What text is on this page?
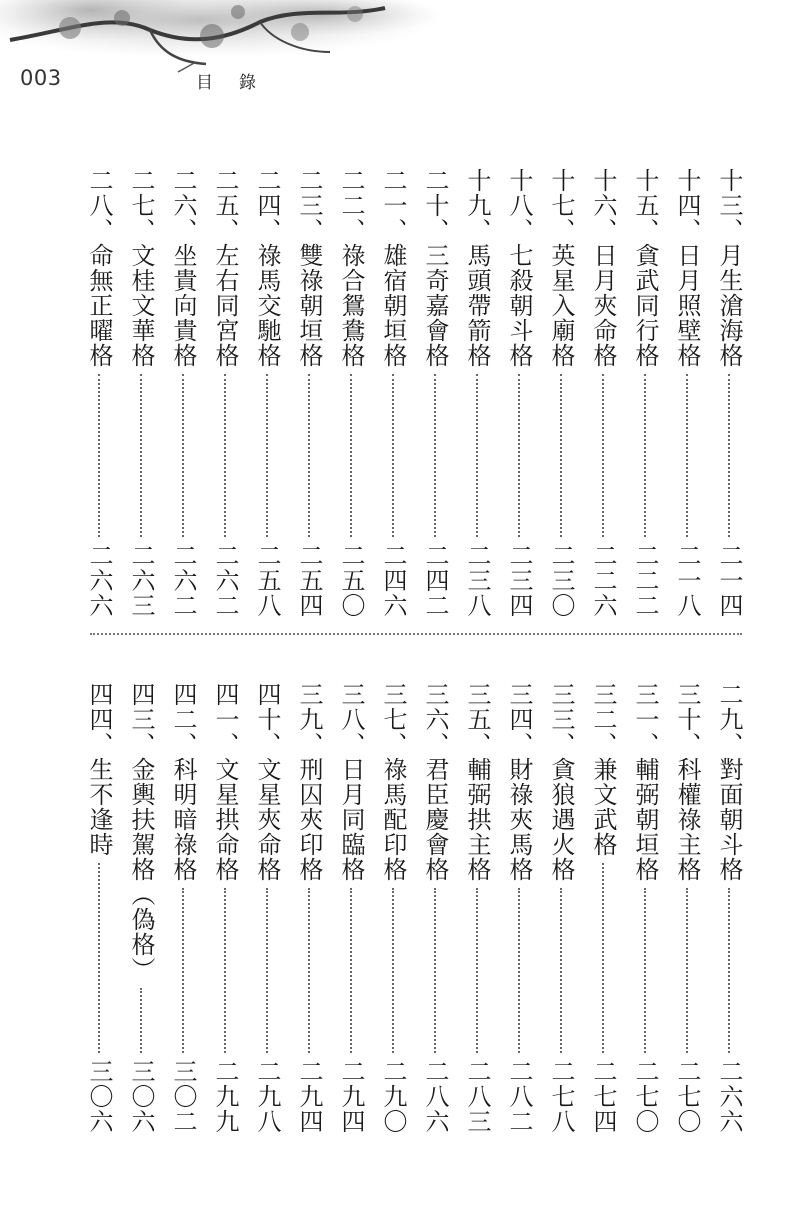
003	目錄
十三、月生滄海格
二一四
十四、日月照壁格
二一八
十五、貪武同行格
二二二
十六、日月夾命格
二二六
十七、英星入廟格
二三〇
十八、七殺朝斗格
二三四
十九、馬頭帶箭格
二三八
二十、三奇嘉會格
二四二
二一、雄宿朝垣格
二四六
二二、祿合鴛鴦格
二五〇
二三、雙祿朝垣格
二五四
二四、祿馬交馳格
二五八
二五、左右同宮格
二六二
二六、坐貴向貴格
二六二
二七、文桂文華格
二六三
二八、命無正曜格
二六六
二九、對面朝斗格
二六六
三十、科權祿主格
二七〇
三一、輔弼朝垣格
二七〇
三二、兼文武格
二七四
三三、貪狼遇火格
二七八
三四、財祿夾馬格
二八二
三五、輔弼拱主格
二八三
三六、君臣慶會格
二八六
三七、祿馬配印格
二九〇
三八、日月同臨格
二九四
三九、刑囚夾印格
二九四
四十、文星夾命格
二九八
四一、文星拱命格
二九九
四二、科明暗祿格
三〇二
四三、金輿扶駕格（偽格）
三〇六
四四、生不逢時
三〇六
